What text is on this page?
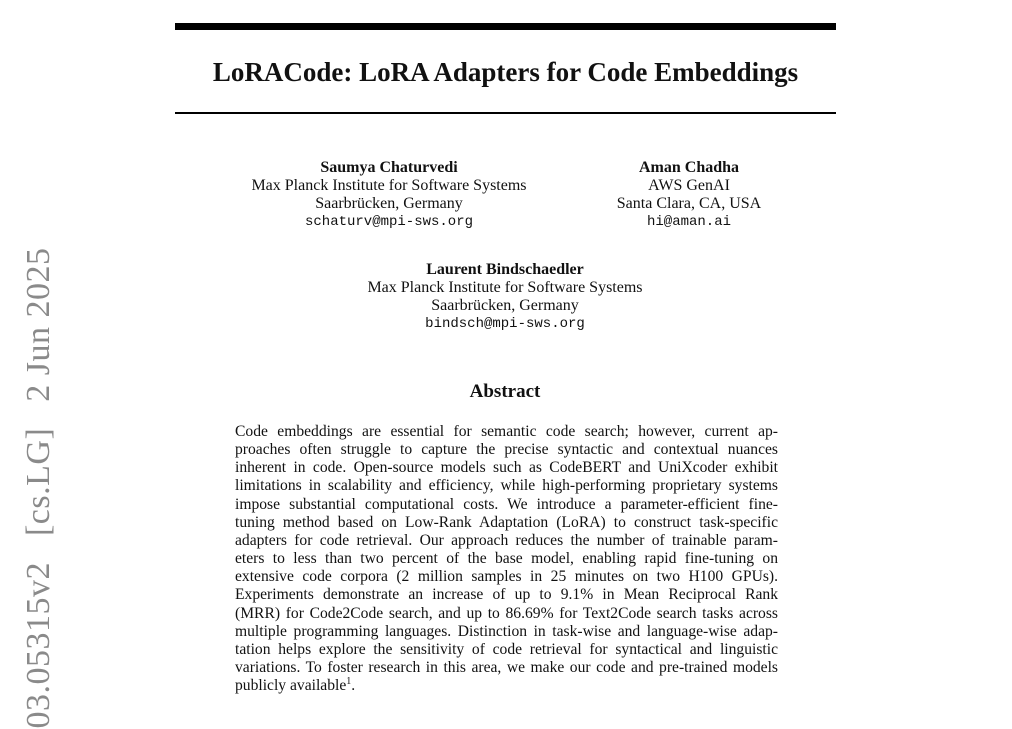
LoRACode: LoRA Adapters for Code Embeddings
Saumya Chaturvedi
Max Planck Institute for Software Systems
Saarbrücken, Germany
schaturv@mpi-sws.org
Aman Chadha
AWS GenAI
Santa Clara, CA, USA
hi@aman.ai
Laurent Bindschaedler
Max Planck Institute for Software Systems
Saarbrücken, Germany
bindsch@mpi-sws.org
Abstract
Code embeddings are essential for semantic code search; however, current ap-
proaches often struggle to capture the precise syntactic and contextual nuances
inherent in code. Open-source models such as CodeBERT and UniXcoder exhibit
limitations in scalability and efficiency, while high-performing proprietary systems
impose substantial computational costs. We introduce a parameter-efficient fine-
tuning method based on Low-Rank Adaptation (LoRA) to construct task-specific
adapters for code retrieval. Our approach reduces the number of trainable param-
eters to less than two percent of the base model, enabling rapid fine-tuning on
extensive code corpora (2 million samples in 25 minutes on two H100 GPUs).
Experiments demonstrate an increase of up to 9.1% in Mean Reciprocal Rank
(MRR) for Code2Code search, and up to 86.69% for Text2Code search tasks across
multiple programming languages. Distinction in task-wise and language-wise adap-
tation helps explore the sensitivity of code retrieval for syntactical and linguistic
variations. To foster research in this area, we make our code and pre-trained models
publicly available$^1$.
03.05315v2[cs.LG]2 Jun 2025
